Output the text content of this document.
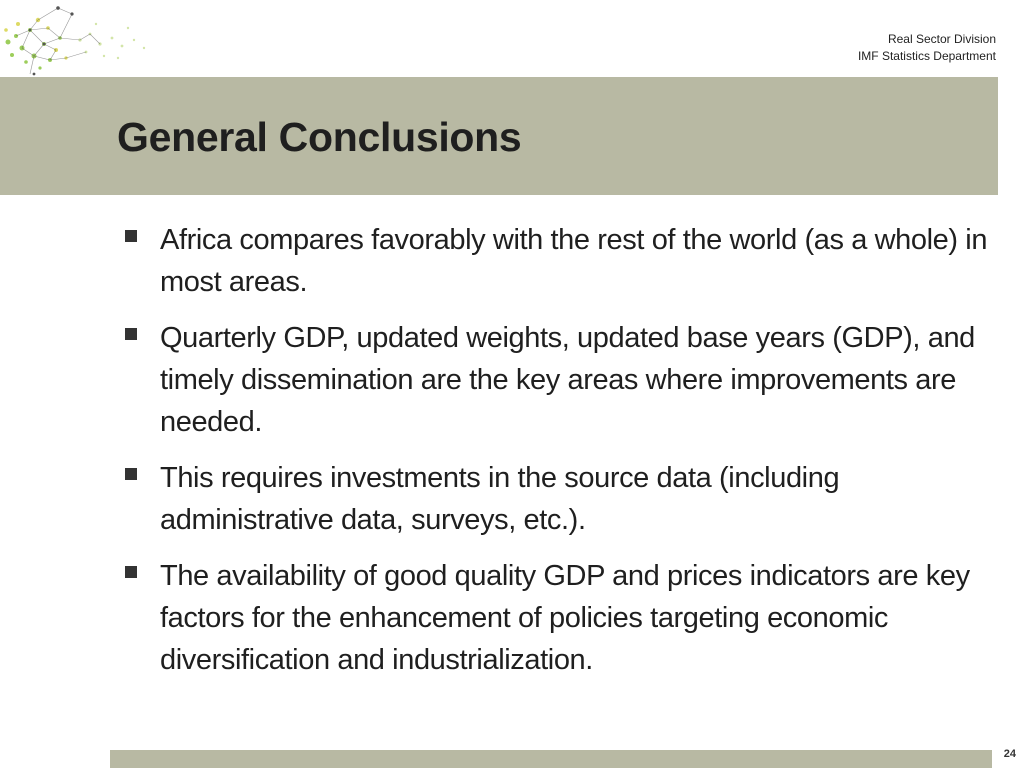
Real Sector Division
IMF Statistics Department
General Conclusions
Africa compares favorably with the rest of the world (as a whole) in most areas.
Quarterly GDP, updated weights, updated base years (GDP), and timely dissemination are the key areas where improvements are needed.
This requires investments in the source data (including administrative data, surveys, etc.).
The availability of good quality GDP and prices indicators are key factors for the enhancement of policies targeting economic diversification and industrialization.
24
